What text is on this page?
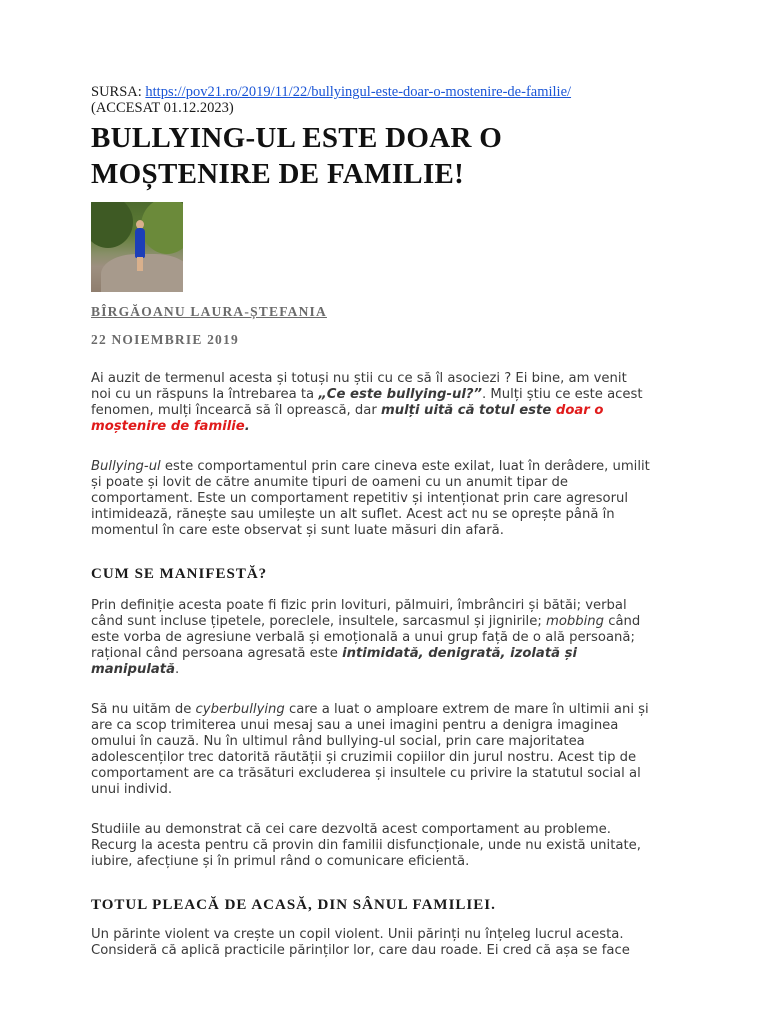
SURSA: https://pov21.ro/2019/11/22/bullyingul-este-doar-o-mostenire-de-familie/
(ACCESAT 01.12.2023)

BULLYING-UL ESTE DOAR O MOȘTENIRE DE FAMILIE!
BÎRGĂOANU LAURA-ȘTEFANIA
22 NOIEMBRIE 2019

Ai auzit de termenul acesta și totuși nu știi cu ce să îl asociezi ? Ei bine, am venit noi cu un răspuns la întrebarea ta „Ce este bullying-ul?”. Mulți știu ce este acest fenomen, mulți încearcă să îl oprească, dar mulți uită că totul este doar o moștenire de familie.

Bullying-ul este comportamentul prin care cineva este exilat, luat în derâdere, umilit și poate și lovit de către anumite tipuri de oameni cu un anumit tipar de comportament. Este un comportament repetitiv și intenționat prin care agresorul intimidează, rănește sau umilește un alt suflet. Acest act nu se oprește până în momentul în care este observat și sunt luate măsuri din afară.

CUM SE MANIFESTĂ?

Prin definiție acesta poate fi fizic prin lovituri, pălmuiri, îmbrânciri și bătăi; verbal când sunt incluse țipetele, poreclele, insultele, sarcasmul și jignirile; mobbing când este vorba de agresiune verbală și emoțională a unui grup față de o ală persoană; rațional când persoana agresată este intimidată, denigrată, izolată și manipulată.

Să nu uităm de cyberbullying care a luat o amploare extrem de mare în ultimii ani și are ca scop trimiterea unui mesaj sau a unei imagini pentru a denigra imaginea omului în cauză. Nu în ultimul rând bullying-ul social, prin care majoritatea adolescenților trec datorită răutății și cruzimii copiilor din jurul nostru. Acest tip de comportament are ca trăsături excluderea și insultele cu privire la statutul social al unui individ.

Studiile au demonstrat că cei care dezvoltă acest comportament au probleme. Recurg la acesta pentru că provin din familii disfuncționale, unde nu există unitate, iubire, afecțiune și în primul rând o comunicare eficientă.

TOTUL PLEACĂ DE ACASĂ, DIN SÂNUL FAMILIEI.

Un părinte violent va crește un copil violent. Unii părinți nu înțeleg lucrul acesta. Consideră că aplică practicile părinților lor, care dau roade. Ei cred că așa se face
